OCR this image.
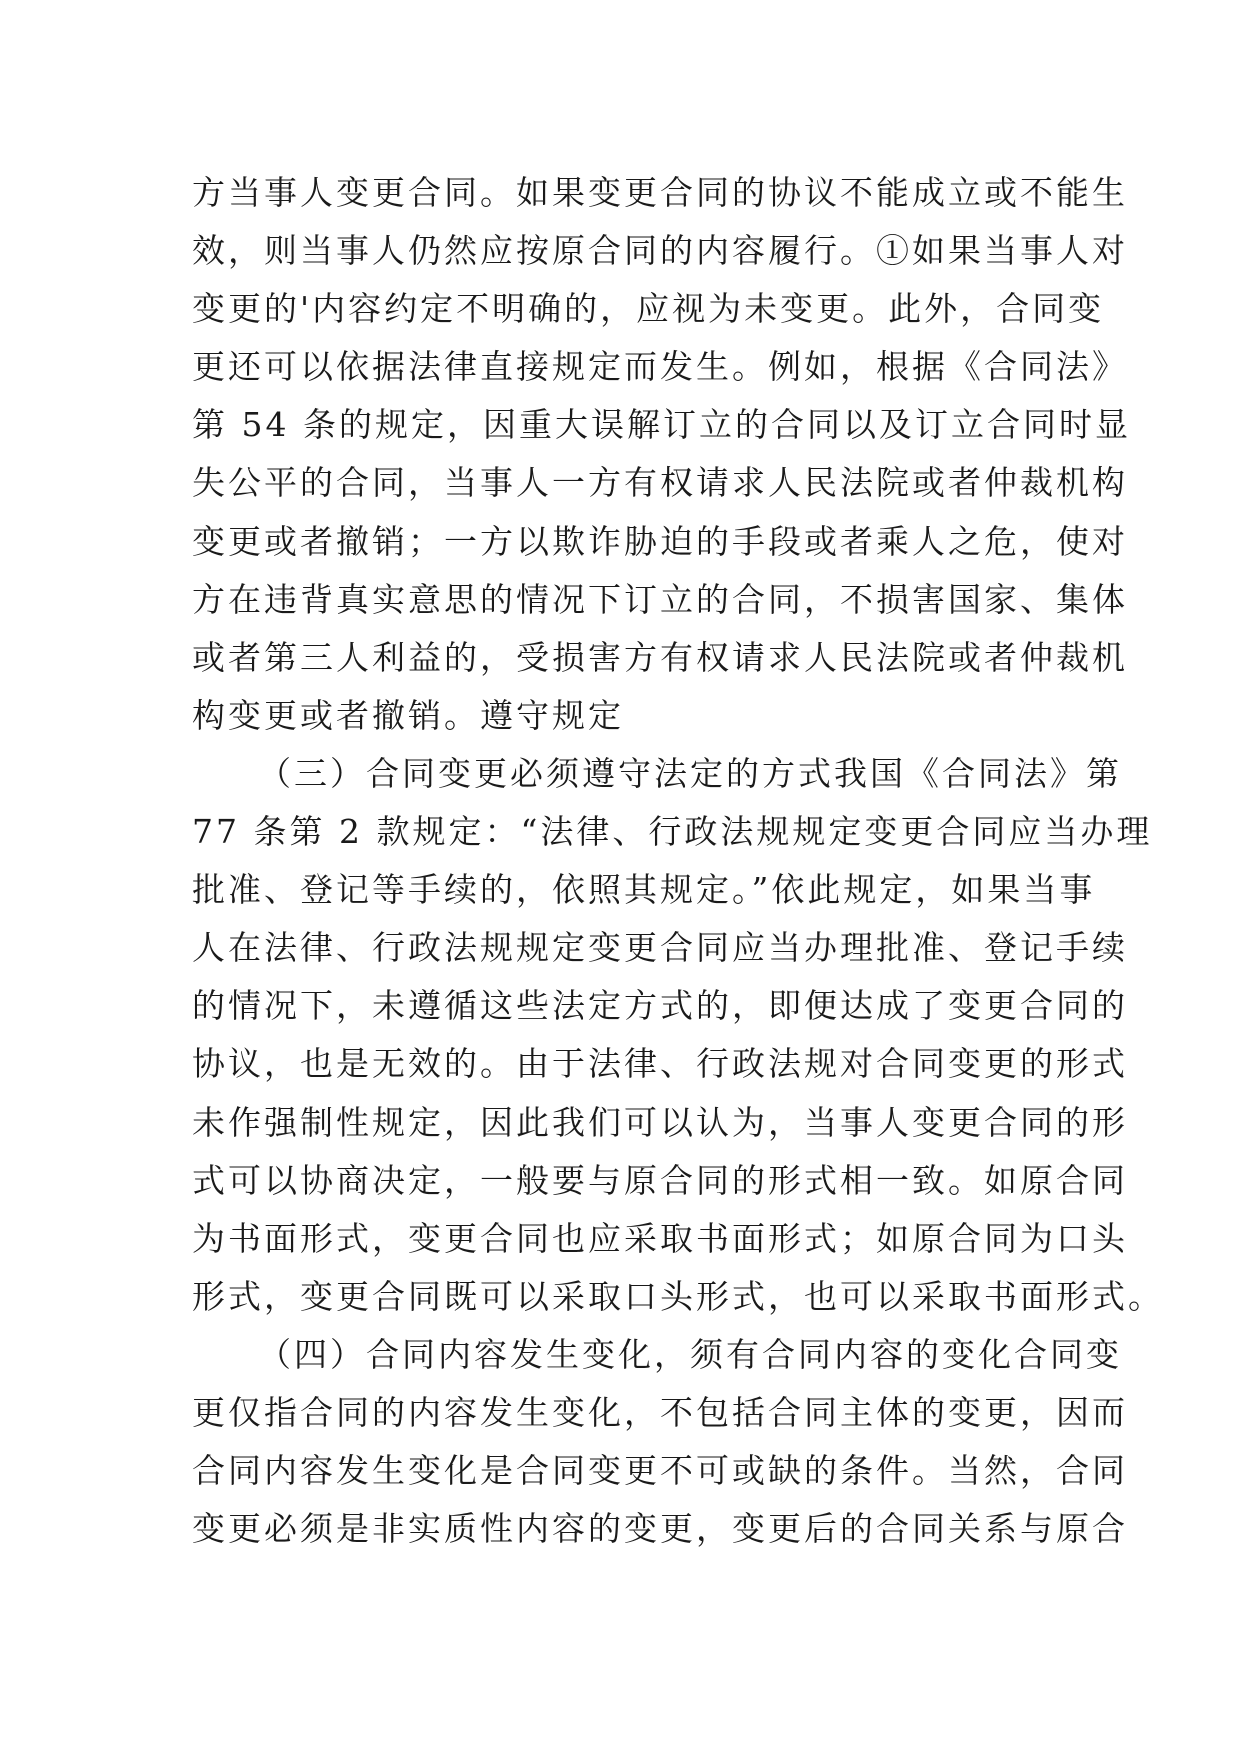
方当事人变更合同。如果变更合同的协议不能成立或不能生
效，则当事人仍然应按原合同的内容履行。①如果当事人对
变更的'内容约定不明确的，应视为未变更。此外，合同变
更还可以依据法律直接规定而发生。例如，根据《合同法》
第 54 条的规定，因重大误解订立的合同以及订立合同时显
失公平的合同，当事人一方有权请求人民法院或者仲裁机构
变更或者撤销；一方以欺诈胁迫的手段或者乘人之危，使对
方在违背真实意思的情况下订立的合同，不损害国家、集体
或者第三人利益的，受损害方有权请求人民法院或者仲裁机
构变更或者撤销。遵守规定
（三）合同变更必须遵守法定的方式我国《合同法》第
77 条第 2 款规定：“法律、行政法规规定变更合同应当办理
批准、登记等手续的，依照其规定。”依此规定，如果当事
人在法律、行政法规规定变更合同应当办理批准、登记手续
的情况下，未遵循这些法定方式的，即便达成了变更合同的
协议，也是无效的。由于法律、行政法规对合同变更的形式
未作强制性规定，因此我们可以认为，当事人变更合同的形
式可以协商决定，一般要与原合同的形式相一致。如原合同
为书面形式，变更合同也应采取书面形式；如原合同为口头
形式，变更合同既可以采取口头形式，也可以采取书面形式。
（四）合同内容发生变化，须有合同内容的变化合同变
更仅指合同的内容发生变化，不包括合同主体的变更，因而
合同内容发生变化是合同变更不可或缺的条件。当然，合同
变更必须是非实质性内容的变更，变更后的合同关系与原合
